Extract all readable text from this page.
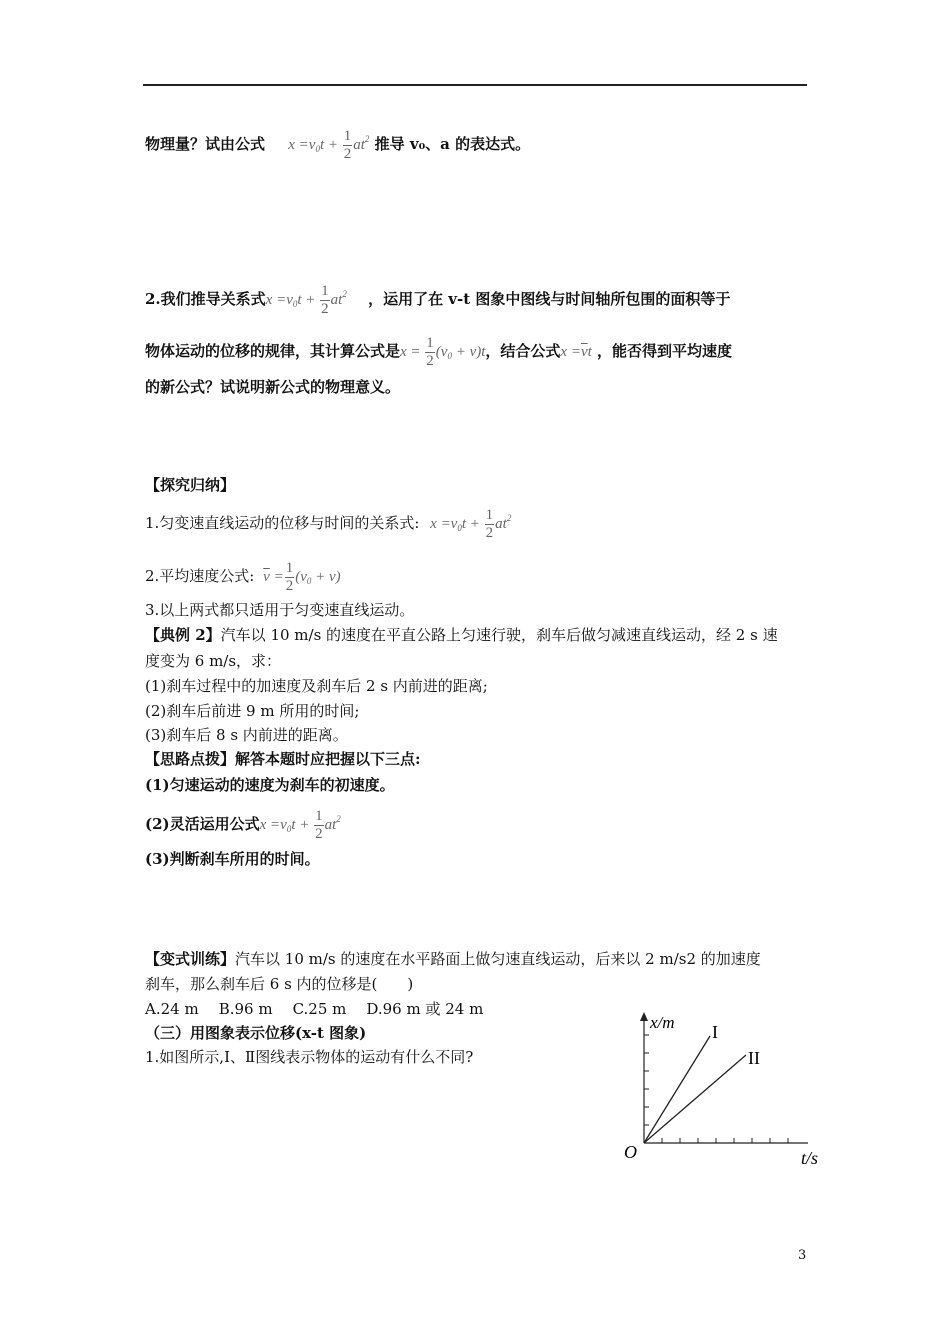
物理量？试由公式 $x =v_0t + \frac{1}{2} at^2$ 推导 v₀、a 的表达式。
2.我们推导关系式$x =v_0t + \frac{1}{2} at^2$ ，运用了在 v-t 图象中图线与时间轴所包围的面积等于
物体运动的位移的规律，其计算公式是$x = \frac{1}{2} (v_0 + v)t$，结合公式$x =\overline{v}t$ ，能否得到平均速度
的新公式？试说明新公式的物理意义。
【探究归纳】
1.匀变速直线运动的位移与时间的关系式: $x =v_0t + \frac{1}{2} at^2$
2.平均速度公式: $\overline{v} = \frac{1}{2} (v_0 + v)$
3.以上两式都只适用于匀变速直线运动。
【典例 2】汽车以 10 m/s 的速度在平直公路上匀速行驶，刹车后做匀减速直线运动，经 2 s 速
度变为 6 m/s，求：
(1)刹车过程中的加速度及刹车后 2 s 内前进的距离;
(2)刹车后前进 9 m 所用的时间;
(3)刹车后 8 s 内前进的距离。
【思路点拨】解答本题时应把握以下三点:
(1)匀速运动的速度为刹车的初速度。
(2)灵活运用公式$x =v_0t + \frac{1}{2} at^2$
(3)判断刹车所用的时间。
【变式训练】汽车以 10 m/s 的速度在水平路面上做匀速直线运动，后来以 2 m/s2 的加速度
刹车，那么刹车后 6 s 内的位移是(　　)
A.24 m B.96 m C.25 m D.96 m 或 24 m
（三）用图象表示位移(x-t 图象)
1.如图所示,Ⅰ、Ⅱ图线表示物体的运动有什么不同?
x/m I
II
O	t/s
3
